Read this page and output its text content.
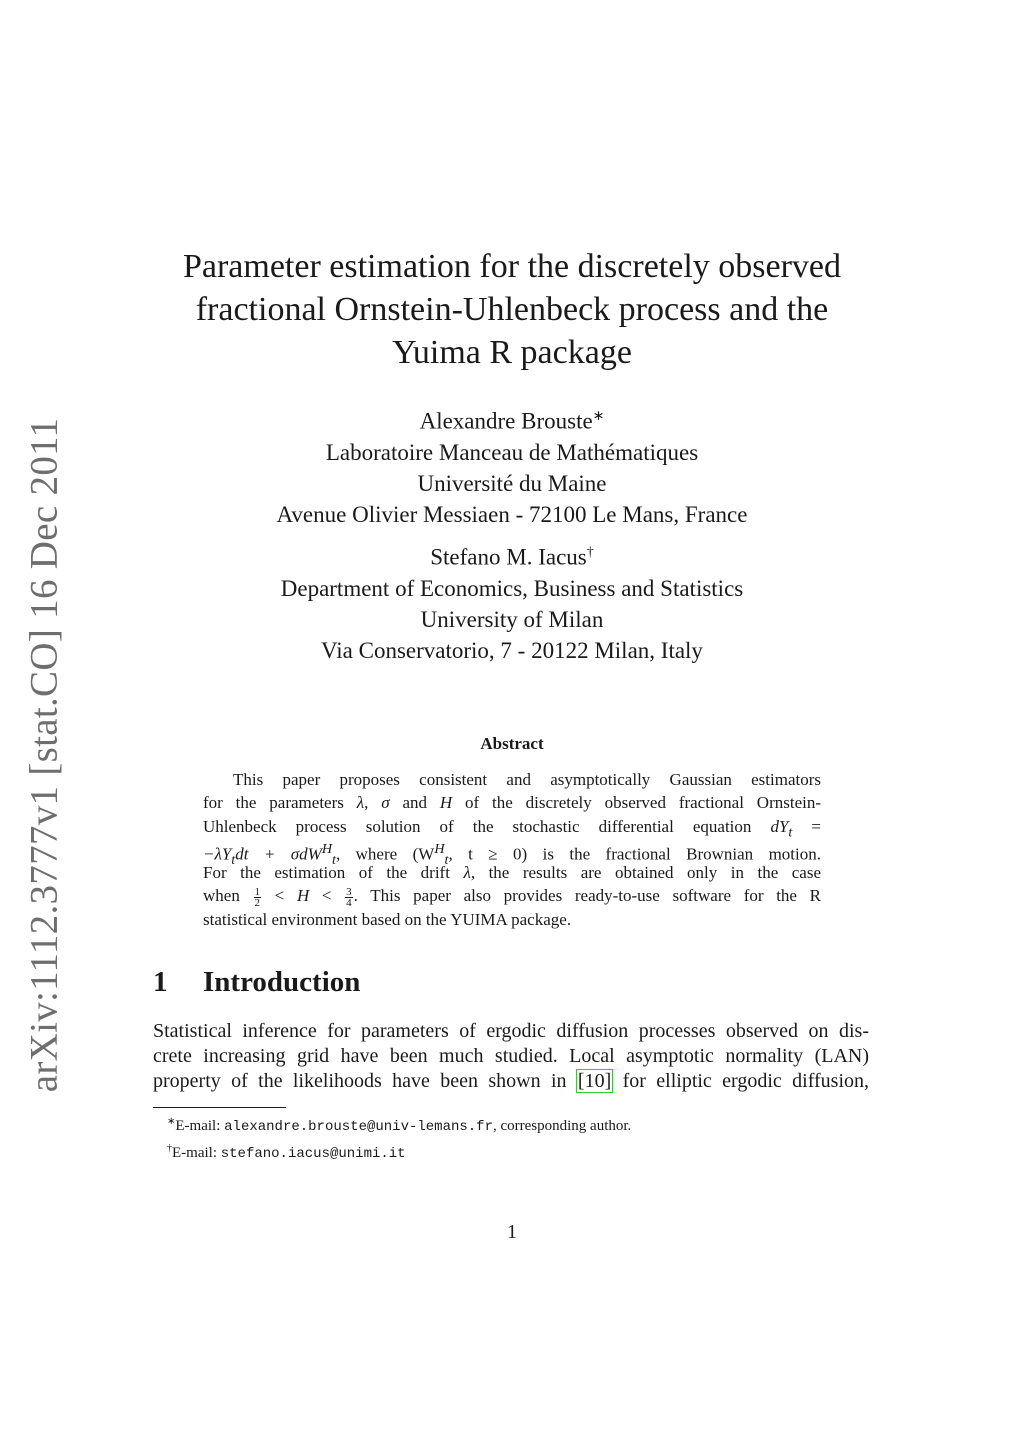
arXiv:1112.3777v1 [stat.CO] 16 Dec 2011
Parameter estimation for the discretely observed
fractional Ornstein-Uhlenbeck process and the
Yuima R package
Alexandre Brouste∗
Laboratoire Manceau de Mathématiques
Université du Maine
Avenue Olivier Messiaen - 72100 Le Mans, France
Stefano M. Iacus†
Department of Economics, Business and Statistics
University of Milan
Via Conservatorio, 7 - 20122 Milan, Italy
Abstract
This paper proposes consistent and asymptotically Gaussian estimators
for the parameters λ, σ and H of the discretely observed fractional Ornstein-
Uhlenbeck process solution of the stochastic differential equation $dY_t$ =
$-\lambda Y_tdt + \sigma dW^H_t$, where ($W^H_t$, t ≥ 0) is the fractional Brownian motion.
For the estimation of the drift λ, the results are obtained only in the case
when $\frac{1}{2} < H < \frac{3}{4}$ . This paper also provides ready-to-use software for the R
statistical environment based on the YUIMA package.
1 Introduction
Statistical inference for parameters of ergodic diffusion processes observed on dis-
crete increasing grid have been much studied. Local asymptotic normality (LAN)
property of the likelihoods have been shown in [10] for elliptic ergodic diffusion,
∗E-mail: alexandre.brouste@univ-lemans.fr, corresponding author.
†E-mail: stefano.iacus@unimi.it
1
